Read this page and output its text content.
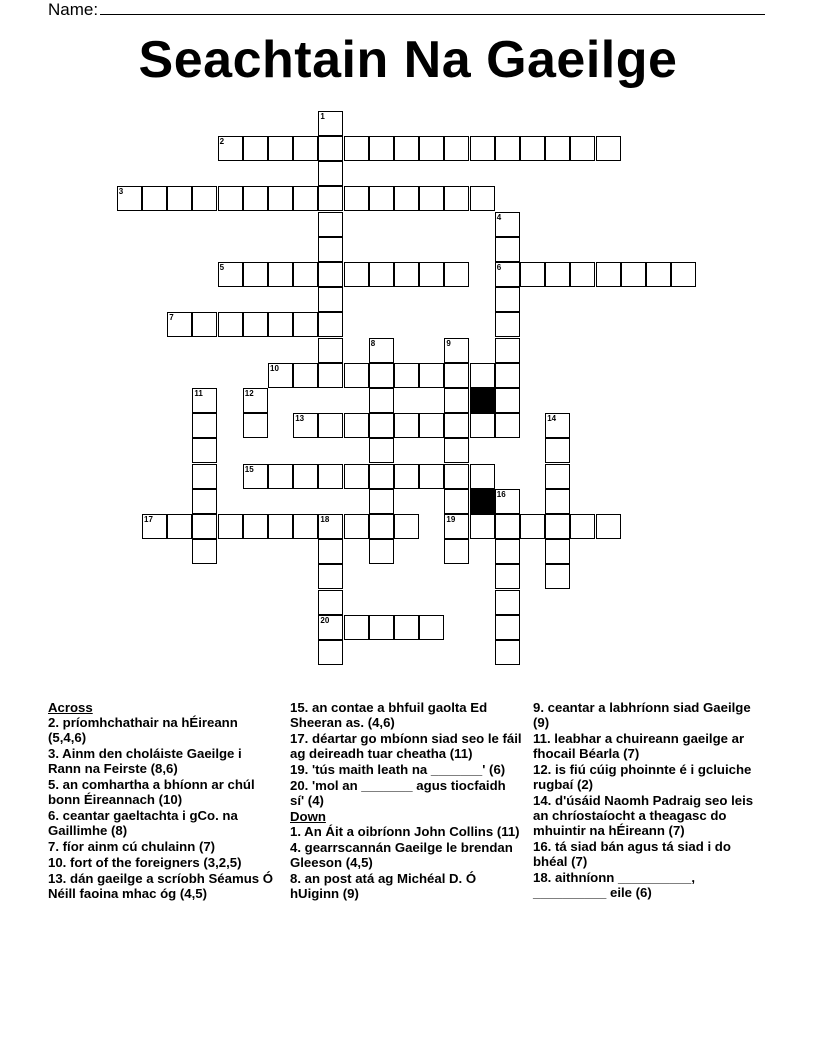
Name:
Seachtain Na Gaeilge
1
2
3
4
5	6
7
8	9
10
11	12
13	14
15
16
17	18	19
20
Across
2. príomhchathair na hÉireann (5,4,6)
3. Ainm den choláiste Gaeilge i Rann na Feirste (8,6)
5. an comhartha a bhíonn ar chúl bonn Éireannach (10)
6. ceantar gaeltachta i gCo. na Gaillimhe (8)
7. fíor ainm cú chulainn (7)
10. fort of the foreigners (3,2,5)
13. dán gaeilge a scríobh Séamus Ó Néill faoina mhac óg (4,5)
15. an contae a bhfuil gaolta Ed Sheeran as. (4,6)
17. déartar go mbíonn siad seo le fáil ag deireadh tuar cheatha (11)
19. 'tús maith leath na _______' (6)
20. 'mol an _______ agus tiocfaidh sí' (4)
Down
1. An Áit a oibríonn John Collins (11)
4. gearrscannán Gaeilge le brendan Gleeson (4,5)
8. an post atá ag Michéal D. Ó hUiginn (9)
9. ceantar a labhríonn siad Gaeilge (9)
11. leabhar a chuireann gaeilge ar fhocail Béarla (7)
12. is fiú cúig phoinnte é i gcluiche rugbaí (2)
14. d'úsáid Naomh Padraig seo leis an chríostaíocht a theagasc do mhuintir na hÉireann (7)
16. tá siad bán agus tá siad i do bhéal (7)
18. aithníonn __________, __________ eile (6)
